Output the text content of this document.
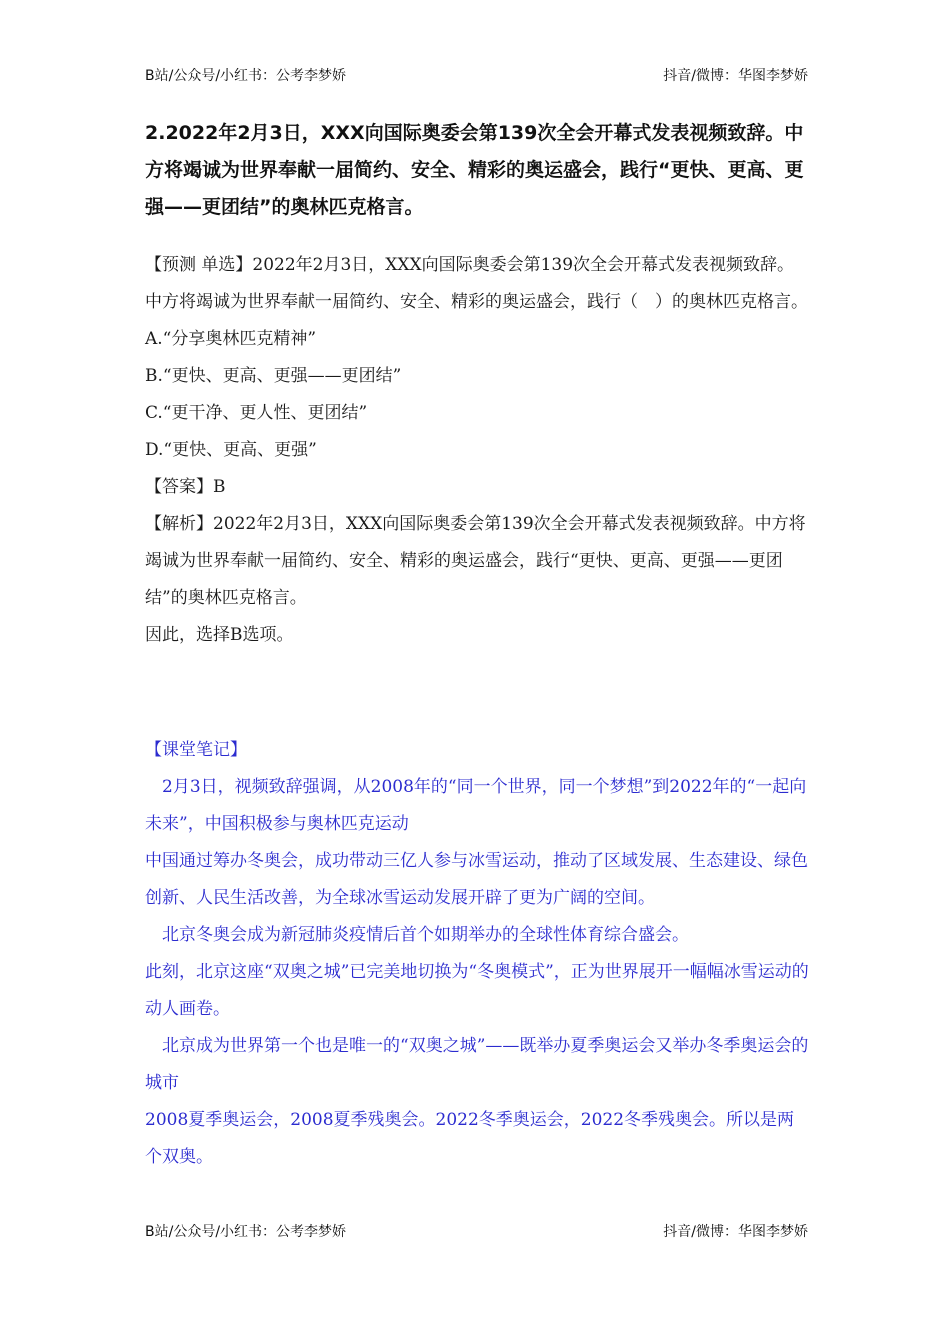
B站/公众号/小红书：公考李梦娇	抖音/微博：华图李梦娇
2.2022年2月3日，XXX向国际奥委会第139次全会开幕式发表视频致辞。中方将竭诚为世界奉献一届简约、安全、精彩的奥运盛会，践行“更快、更高、更强——更团结”的奥林匹克格言。
【预测 单选】2022年2月3日，XXX向国际奥委会第139次全会开幕式发表视频致辞。中方将竭诚为世界奉献一届简约、安全、精彩的奥运盛会，践行（　）的奥林匹克格言。
A.“分享奥林匹克精神”
B.“更快、更高、更强——更团结”
C.“更干净、更人性、更团结”
D.“更快、更高、更强”
【答案】B
【解析】2022年2月3日，XXX向国际奥委会第139次全会开幕式发表视频致辞。中方将竭诚为世界奉献一届简约、安全、精彩的奥运盛会，践行“更快、更高、更强——更团结”的奥林匹克格言。
因此，选择B选项。

【课堂笔记】

2月3日，视频致辞强调，从2008年的“同一个世界，同一个梦想”到2022年的“一起向未来”，中国积极参与奥林匹克运动

中国通过筹办冬奥会，成功带动三亿人参与冰雪运动，推动了区域发展、生态建设、绿色创新、人民生活改善，为全球冰雪运动发展开辟了更为广阔的空间。

北京冬奥会成为新冠肺炎疫情后首个如期举办的全球性体育综合盛会。

此刻，北京这座“双奥之城”已完美地切换为“冬奥模式”，正为世界展开一幅幅冰雪运动的动人画卷。

北京成为世界第一个也是唯一的“双奥之城”——既举办夏季奥运会又举办冬季奥运会的城市

2008夏季奥运会，2008夏季残奥会。2022冬季奥运会，2022冬季残奥会。所以是两个双奥。

B站/公众号/小红书：公考李梦娇	抖音/微博：华图李梦娇
